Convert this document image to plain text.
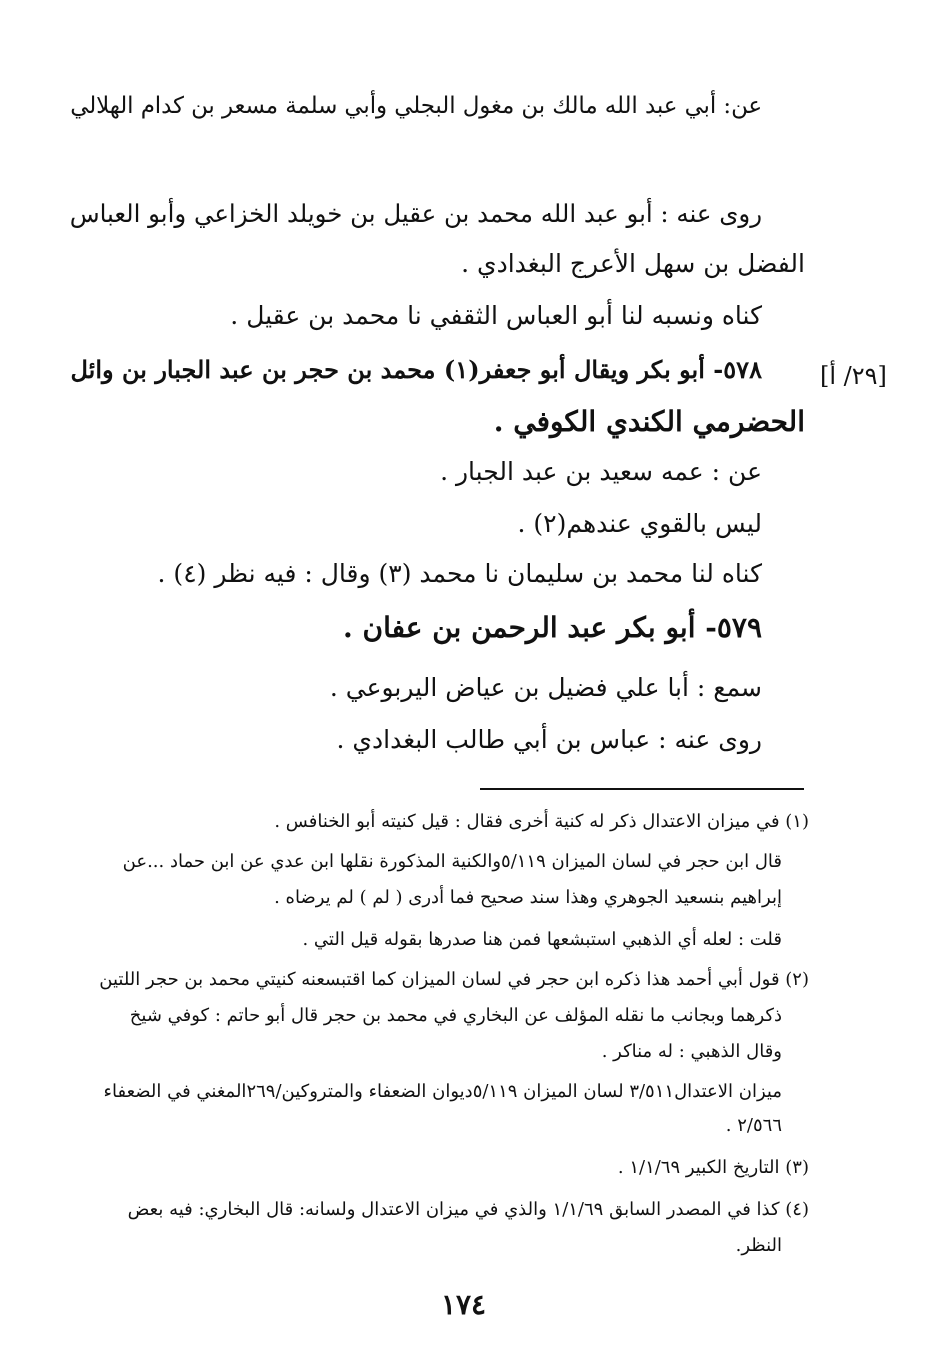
عن: أبي عبد الله مالك بن مغول البجلي وأبي سلمة مسعر بن كدام الهلالي
روى عنه : أبو عبد الله محمد بن عقيل بن خويلد الخزاعي وأبو العباس
الفضل بن سهل الأعرج البغدادي .
كناه ونسبه لنا أبو العباس الثقفي نا محمد بن عقيل .
[٢٩/ أ]
٥٧٨- أبو بكر ويقال أبو جعفر(١) محمد بن حجر بن عبد الجبار بن وائل
الحضرمي الكندي الكوفي .
عن : عمه سعيد بن عبد الجبار .
ليس بالقوي عندهم(٢) .
كناه لنا محمد بن سليمان نا محمد (٣) وقال : فيه نظر (٤) .
٥٧٩- أبو بكر عبد الرحمن بن عفان .
سمع : أبا علي فضيل بن عياض اليربوعي .
روى عنه : عباس بن أبي طالب البغدادي .
(١) في ميزان الاعتدال ذكر له كنية أخرى فقال : قيل كنيته أبو الخنافس .
قال ابن حجر في لسان الميزان ٥/١١٩والكنية المذكورة نقلها ابن عدي عن ابن حماد ...عن
إبراهيم بنسعيد الجوهري وهذا سند صحيح فما أدرى ( لم ) لم يرضاه .
قلت : لعله أي الذهبي استبشعها فمن هنا صدرها بقوله قيل التي .
(٢) قول أبي أحمد هذا ذكره ابن حجر في لسان الميزان كما اقتبسعنه كنيتي محمد بن حجر اللتين
ذكرهما وبجانب ما نقله المؤلف عن البخاري في محمد بن حجر قال أبو حاتم : كوفي شيخ
وقال الذهبي : له مناكر .
ميزان الاعتدال٣/٥١١ لسان الميزان ٥/١١٩ديوان الضعفاء والمتروكين/٢٦٩المغني في الضعفاء
٢/٥٦٦ .
(٣) التاريخ الكبير ١/١/٦٩ .
(٤) كذا في المصدر السابق ١/١/٦٩ والذي في ميزان الاعتدال ولسانه: قال البخاري: فيه بعض
النظر.
١٧٤
